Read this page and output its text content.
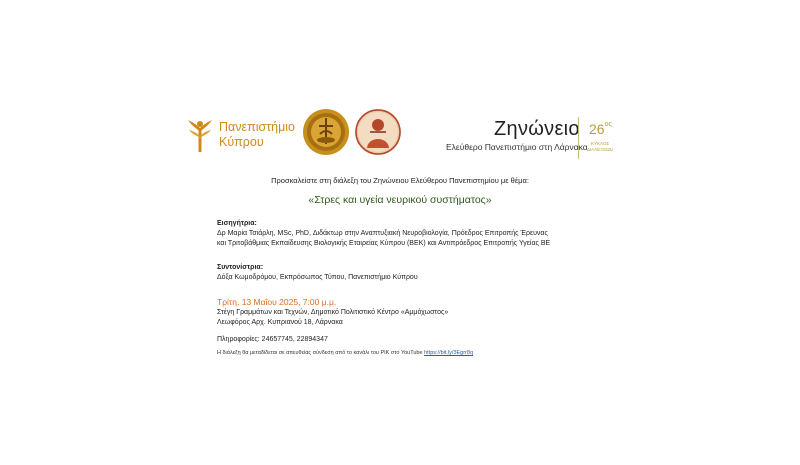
Πανεπιστήμιο
Κύπρου
Ζηνώνειο
Ελεύθερο Πανεπιστήμιο στη Λάρνακα
$26^{o\varsigma}$
ΚΥΚΛΟΣ
ΔΙΑΛΕΞΕΩΝ
Προσκαλείστε στη διάλεξη του Ζηνώνειου Ελεύθερου Πανεπιστημίου με θέμα:
«Στρες και υγεία νευρικού συστήματος»
Εισηγήτρια:
Δρ Μαρία Τσιάρλη, MSc, PhD, Διδάκτωρ στην Αναπτυξιακή Νευροβιολογία, Πρόεδρος Επιτροπής Έρευνας
και Τριτοβάθμιας Εκπαίδευσης Βιολογικής Εταιρείας Κύπρου (ΒΕΚ) και Αντιπρόεδρος Επιτροπής Υγείας ΒΕ
Συντονίστρια:
Δόξα Κωμοδρόμου, Εκπρόσωπος Τύπου, Πανεπιστήμιο Κύπρου
Τρίτη, 13 Μαΐου 2025, 7:00 μ.μ.
Στέγη Γραμμάτων και Τεχνών, Δημοτικό Πολιτιστικό Κέντρο «Αμμόχωστος»
Λεωφόρος Αρχ. Κυπριανού 18, Λάρνακα
Πληροφορίες: 24657745, 22894347
Η διάλεξη θα μεταδίδεται σε απευθείας σύνδεση από το κανάλι του ΡΙΚ στο YouTube https://bit.ly/3Egrr8q
